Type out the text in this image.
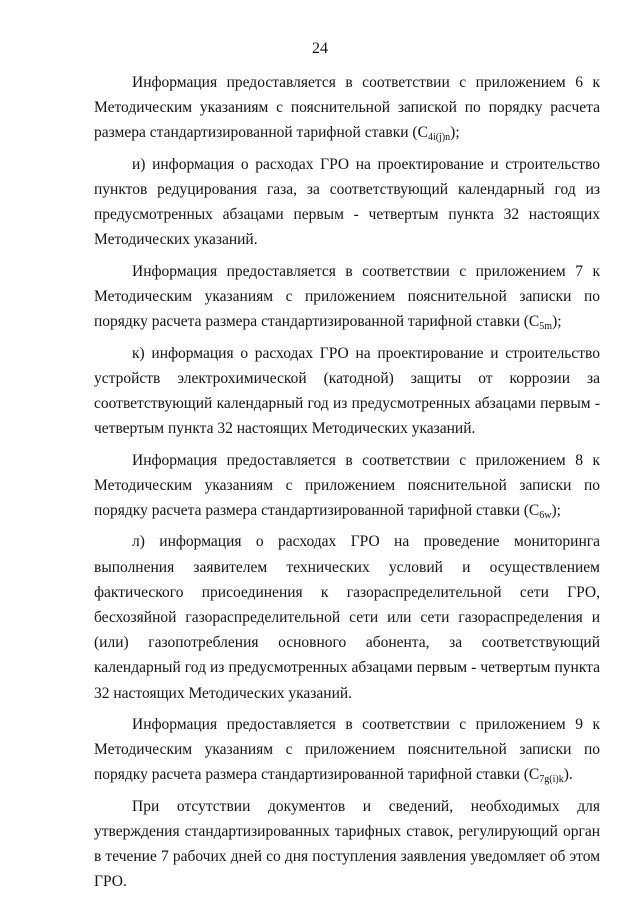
24

Информация предоставляется в соответствии с приложением 6 к Методическим указаниям с пояснительной запиской по порядку расчета размера стандартизированной тарифной ставки $(C_{4i(j)n})$;

и) информация о расходах ГРО на проектирование и строительство пунктов редуцирования газа, за соответствующий календарный год из предусмотренных абзацами первым - четвертым пункта 32 настоящих Методических указаний.

Информация предоставляется в соответствии с приложением 7 к Методическим указаниям с приложением пояснительной записки по порядку расчета размера стандартизированной тарифной ставки $(C_{5m})$;

к) информация о расходах ГРО на проектирование и строительство устройств электрохимической (катодной) защиты от коррозии за соответствующий календарный год из предусмотренных абзацами первым - четвертым пункта 32 настоящих Методических указаний.

Информация предоставляется в соответствии с приложением 8 к Методическим указаниям с приложением пояснительной записки по порядку расчета размера стандартизированной тарифной ставки $(C_{6w})$;

л) информация о расходах ГРО на проведение мониторинга выполнения заявителем технических условий и осуществлением фактического присоединения к газораспределительной сети ГРО, бесхозяйной газораспределительной сети или сети газораспределения и (или) газопотребления основного абонента, за соответствующий календарный год из предусмотренных абзацами первым - четвертым пункта 32 настоящих Методических указаний.

Информация предоставляется в соответствии с приложением 9 к Методическим указаниям с приложением пояснительной записки по порядку расчета размера стандартизированной тарифной ставки $(C_{7g(i)k})$.

При отсутствии документов и сведений, необходимых для утверждения стандартизированных тарифных ставок, регулирующий орган в течение 7 рабочих дней со дня поступления заявления уведомляет об этом ГРО.
